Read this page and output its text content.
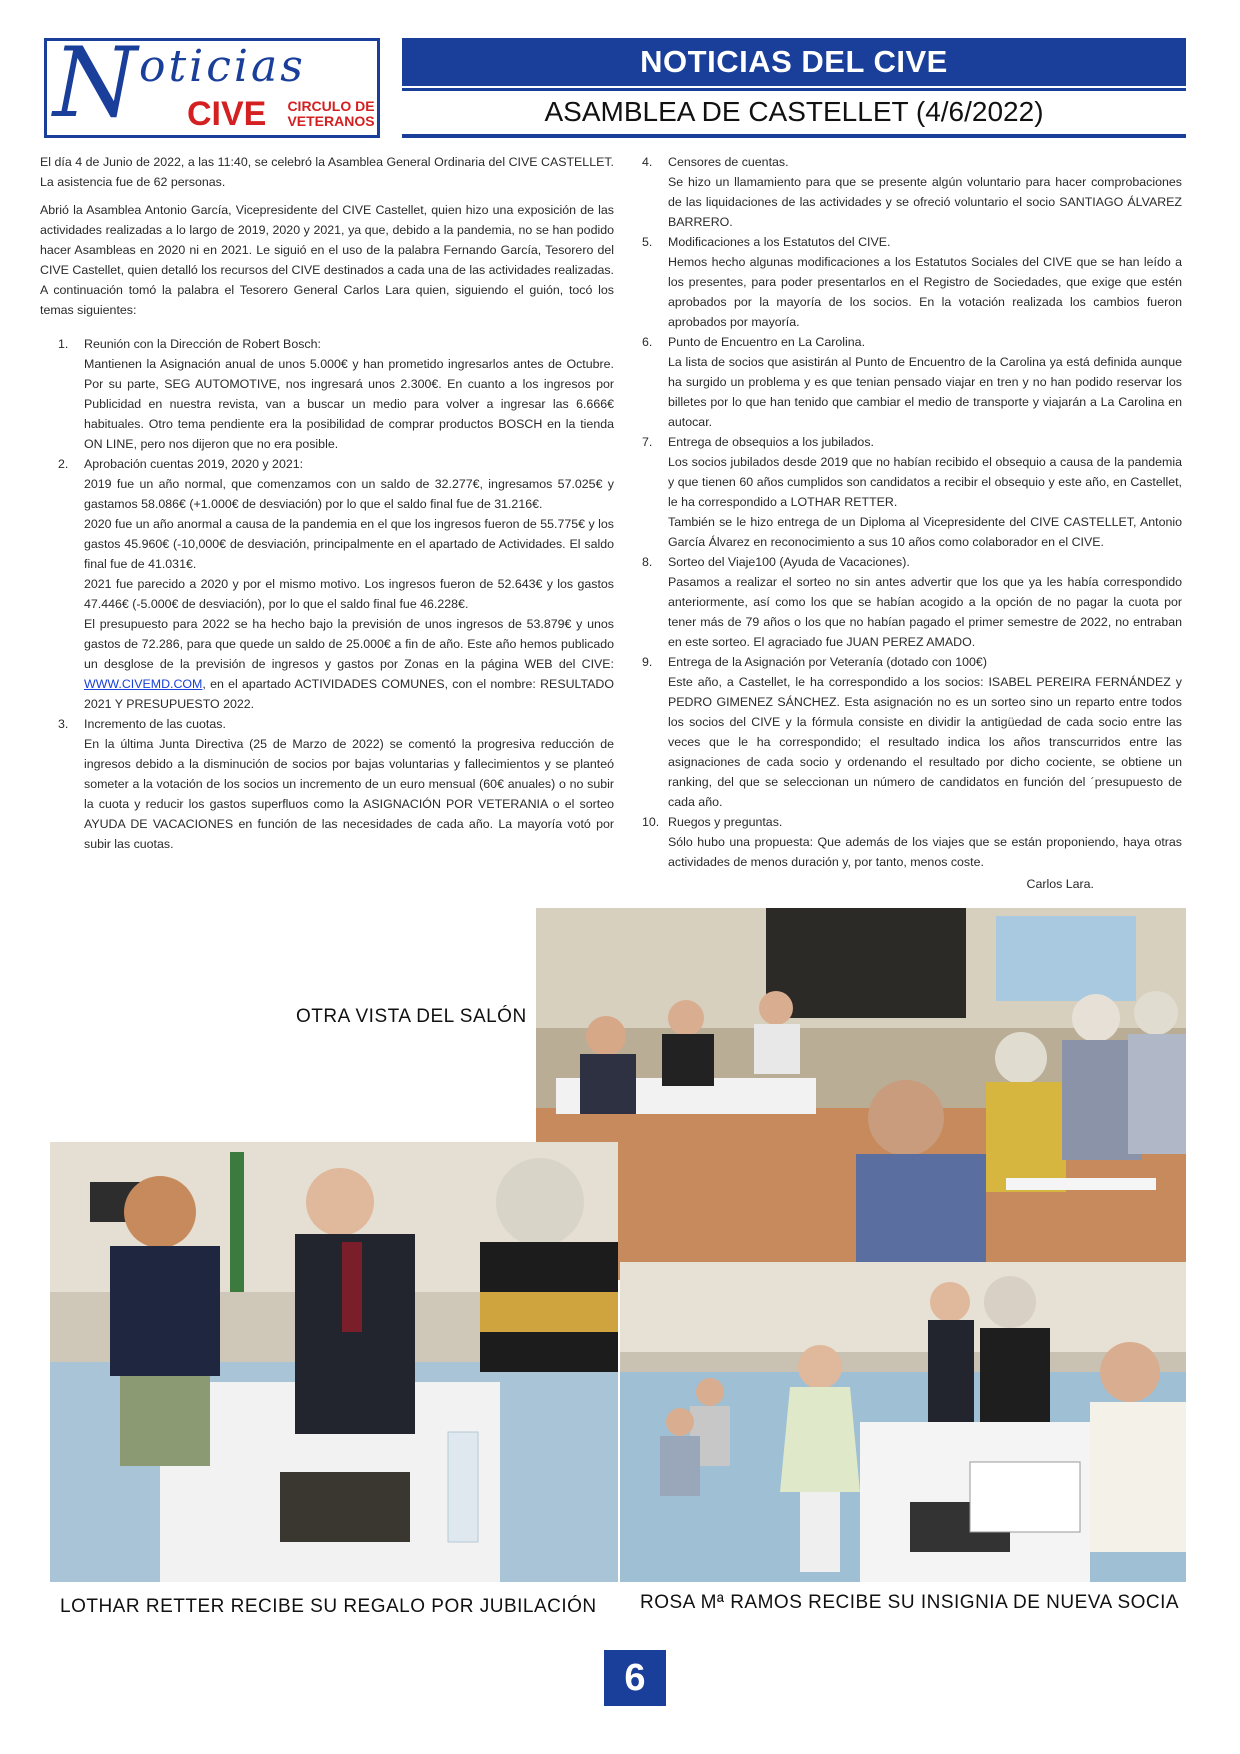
N oticias
CIVE CIRCULO DE
VETERANOS
NOTICIAS DEL CIVE
ASAMBLEA DE CASTELLET (4/6/2022)

El día 4 de Junio de 2022, a las 11:40, se celebró la Asamblea General Ordinaria del CIVE CASTELLET. La asistencia fue de 62 personas.

Abrió la Asamblea Antonio García, Vicepresidente del CIVE Castellet, quien hizo una exposición de las actividades realizadas a lo largo de 2019, 2020 y 2021, ya que, debido a la pandemia, no se han podido hacer Asambleas en 2020 ni en 2021. Le siguió en el uso de la palabra Fernando García, Tesorero del CIVE Castellet, quien detalló los recursos del CIVE destinados a cada una de las actividades realizadas. A continuación tomó la palabra el Tesorero General Carlos Lara quien, siguiendo el guión, tocó los temas siguientes:

1. Reunión con la Dirección de Robert Bosch:
Mantienen la Asignación anual de unos 5.000€ y han prometido ingresarlos antes de Octubre. Por su parte, SEG AUTOMOTIVE, nos ingresará unos 2.300€. En cuanto a los ingresos por Publicidad en nuestra revista, van a buscar un medio para volver a ingresar las 6.666€ habituales. Otro tema pendiente era la posibilidad de comprar productos BOSCH en la tienda ON LINE, pero nos dijeron que no era posible.
2. Aprobación cuentas 2019, 2020 y 2021:
2019 fue un año normal, que comenzamos con un saldo de 32.277€, ingresamos 57.025€ y gastamos 58.086€ (+1.000€ de desviación) por lo que el saldo final fue de 31.216€.
2020 fue un año anormal a causa de la pandemia en el que los ingresos fueron de 55.775€ y los gastos 45.960€ (-10,000€ de desviación, principalmente en el apartado de Actividades. El saldo final fue de 41.031€.
2021 fue parecido a 2020 y por el mismo motivo. Los ingresos fueron de 52.643€ y los gastos 47.446€ (-5.000€ de desviación), por lo que el saldo final fue 46.228€.
El presupuesto para 2022 se ha hecho bajo la previsión de unos ingresos de 53.879€ y unos gastos de 72.286, para que quede un saldo de 25.000€ a fin de año. Este año hemos publicado un desglose de la previsión de ingresos y gastos por Zonas en la página WEB del CIVE: WWW.CIVEMD.COM, en el apartado ACTIVIDADES COMUNES, con el nombre: RESULTADO 2021 Y PRESUPUESTO 2022.
3. Incremento de las cuotas.
En la última Junta Directiva (25 de Marzo de 2022) se comentó la progresiva reducción de ingresos debido a la disminución de socios por bajas voluntarias y fallecimientos y se planteó someter a la votación de los socios un incremento de un euro mensual (60€ anuales) o no subir la cuota y reducir los gastos superfluos como la ASIGNACIÓN POR VETERANIA o el sorteo AYUDA DE VACACIONES en función de las necesidades de cada año. La mayoría votó por subir las cuotas.
4. Censores de cuentas.
Se hizo un llamamiento para que se presente algún voluntario para hacer comprobaciones de las liquidaciones de las actividades y se ofreció voluntario el socio SANTIAGO ÁLVAREZ BARRERO.
5. Modificaciones a los Estatutos del CIVE.
Hemos hecho algunas modificaciones a los Estatutos Sociales del CIVE que se han leído a los presentes, para poder presentarlos en el Registro de Sociedades, que exige que estén aprobados por la mayoría de los socios. En la votación realizada los cambios fueron aprobados por mayoría.
6. Punto de Encuentro en La Carolina.
La lista de socios que asistirán al Punto de Encuentro de la Carolina ya está definida aunque ha surgido un problema y es que tenian pensado viajar en tren y no han podido reservar los billetes por lo que han tenido que cambiar el medio de transporte y viajarán a La Carolina en autocar.
7. Entrega de obsequios a los jubilados.
Los socios jubilados desde 2019 que no habían recibido el obsequio a causa de la pandemia y que tienen 60 años cumplidos son candidatos a recibir el obsequio y este año, en Castellet, le ha correspondido a LOTHAR RETTER.
También se le hizo entrega de un Diploma al Vicepresidente del CIVE CASTELLET, Antonio García Álvarez en reconocimiento a sus 10 años como colaborador en el CIVE.
8. Sorteo del Viaje100 (Ayuda de Vacaciones).
Pasamos a realizar el sorteo no sin antes advertir que los que ya les había correspondido anteriormente, así como los que se habían acogido a la opción de no pagar la cuota por tener más de 79 años o los que no habían pagado el primer semestre de 2022, no entraban en este sorteo. El agraciado fue JUAN PEREZ AMADO.
9. Entrega de la Asignación por Veteranía (dotado con 100€)
Este año, a Castellet, le ha correspondido a los socios: ISABEL PEREIRA FERNÁNDEZ y PEDRO GIMENEZ SÁNCHEZ. Esta asignación no es un sorteo sino un reparto entre todos los socios del CIVE y la fórmula consiste en dividir la antigüedad de cada socio entre las veces que le ha correspondido; el resultado indica los años transcurridos entre las asignaciones de cada socio y ordenando el resultado por dicho cociente, se obtiene un ranking, del que se seleccionan un número de candidatos en función del ´presupuesto de cada año.
10. Ruegos y preguntas.
Sólo hubo una propuesta: Que además de los viajes que se están proponiendo, haya otras actividades de menos duración y, por tanto, menos coste.
Carlos Lara.
OTRA VISTA DEL SALÓN
LOTHAR RETTER RECIBE SU REGALO POR JUBILACIÓN ROSA Mª RAMOS RECIBE SU INSIGNIA DE NUEVA SOCIA
6
